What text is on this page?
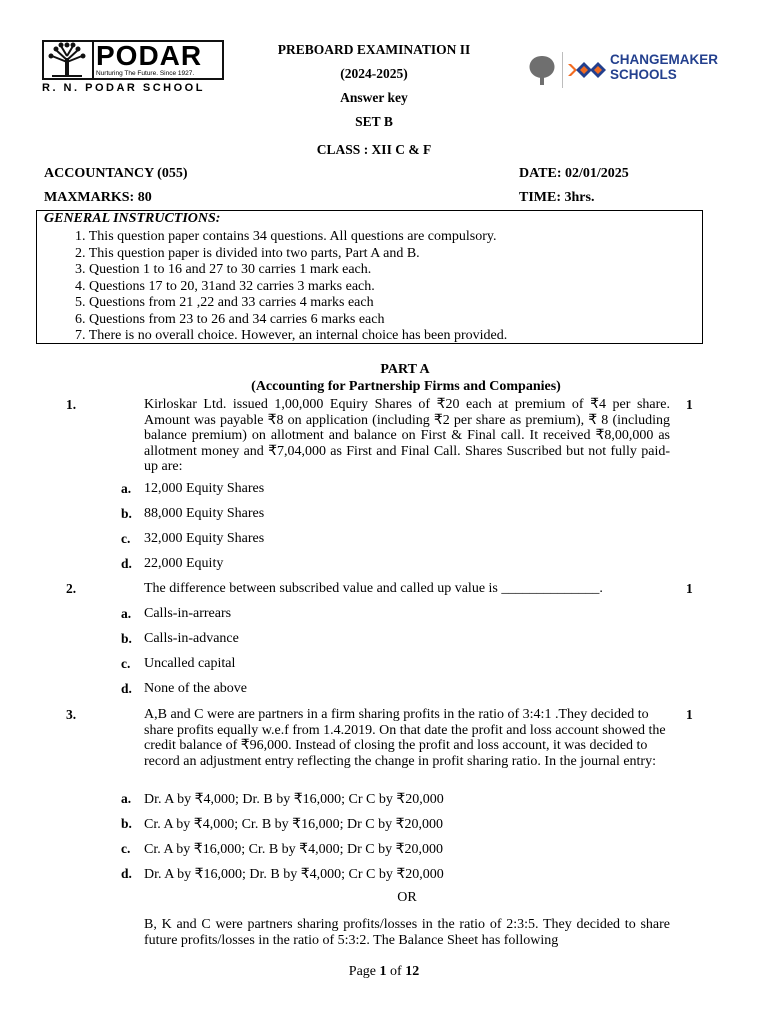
PODAR
Nurturing The Future. Since 1927.
R. N. PODAR SCHOOL
CHANGEMAKER
SCHOOLS
PREBOARD EXAMINATION II
(2024-2025)
Answer key
SET B
CLASS : XII C & F
ACCOUNTANCY (055)	DATE: 02/01/2025
MAXMARKS: 80	TIME: 3hrs.
GENERAL INSTRUCTIONS:
1. This question paper contains 34 questions. All questions are compulsory.
2. This question paper is divided into two parts, Part A and B.
3. Question 1 to 16 and 27 to 30 carries 1 mark each.
4. Questions 17 to 20, 31and 32 carries 3 marks each.
5. Questions from 21 ,22 and 33 carries 4 marks each
6. Questions from 23 to 26 and 34 carries 6 marks each
7. There is no overall choice. However, an internal choice has been provided.
PART A
(Accounting for Partnership Firms and Companies)
1.	Kirloskar Ltd. issued 1,00,000 Equiry Shares of ₹20 each at premium of ₹4 per share. Amount was payable ₹8 on application (including ₹2 per share as premium), ₹ 8 (including balance premium) on allotment and balance on First & Final call. It received ₹8,00,000 as allotment money and ₹7,04,000 as First and Final Call. Shares Suscribed but not fully paid-up are:
1
a. 12,000 Equity Shares
b. 88,000 Equity Shares
c. 32,000 Equity Shares
d. 22,000 Equity
2.	The difference between subscribed value and called up value is ______________.	1
a. Calls-in-arrears
b. Calls-in-advance
c. Uncalled capital
d. None of the above
3.	A,B and C were are partners in a firm sharing profits in the ratio of 3:4:1 .They decided to share profits equally w.e.f from 1.4.2019. On that date the profit and loss account showed the credit balance of ₹96,000. Instead of closing the profit and loss account, it was decided to record an adjustment entry reflecting the change in profit sharing ratio. In the journal entry:
1
a. Dr. A by ₹4,000; Dr. B by ₹16,000; Cr C by ₹20,000
b. Cr. A by ₹4,000; Cr. B by ₹16,000; Dr C by ₹20,000
c. Cr. A by ₹16,000; Cr. B by ₹4,000; Dr C by ₹20,000
d. Dr. A by ₹16,000; Dr. B by ₹4,000; Cr C by ₹20,000
OR
B, K and C were partners sharing profits/losses in the ratio of 2:3:5. They decided to share future profits/losses in the ratio of 5:3:2. The Balance Sheet has following
Page 1 of 12
